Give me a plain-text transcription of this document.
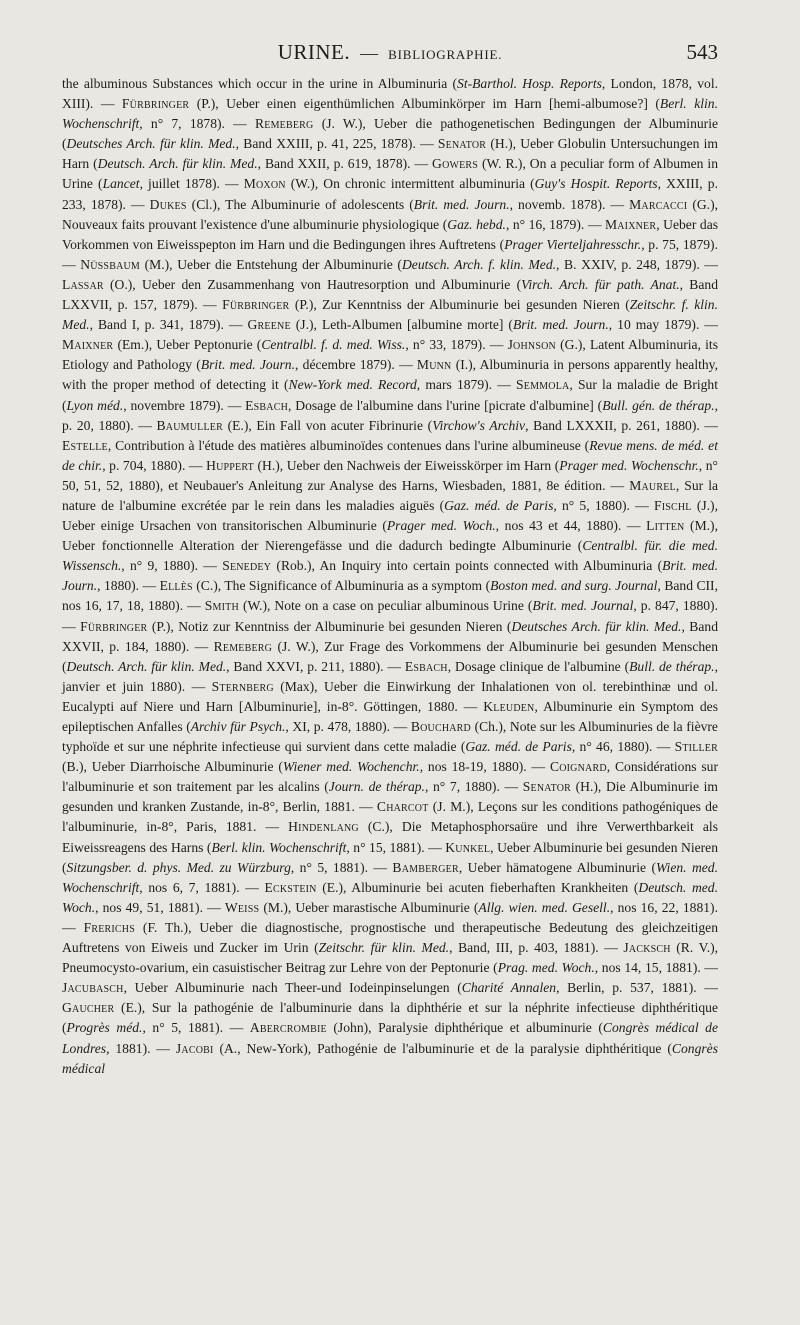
URINE. — BIBLIOGRAPHIE.	543

the albuminous Substances which occur in the urine in Albuminuria (St-Barthol. Hosp. Reports, London, 1878, vol. XIII). — Fürbringer (P.), Ueber einen eigenthümlichen Albuminkörper im Harn [hemi-albumose?] (Berl. klin. Wochenschrift, n° 7, 1878). — Remeberg (J. W.), Ueber die pathogenetischen Bedingungen der Albuminurie (Deutsches Arch. für klin. Med., Band XXIII, p. 41, 225, 1878). — Senator (H.), Ueber Globulin Untersuchungen im Harn (Deutsch. Arch. für klin. Med., Band XXII, p. 619, 1878). — Gowers (W. R.), On a peculiar form of Albumen in Urine (Lancet, juillet 1878). — Moxon (W.), On chronic intermittent albuminuria (Guy's Hospit. Reports, XXIII, p. 233, 1878). — Dukes (Cl.), The Albuminurie of adolescents (Brit. med. Journ., novemb. 1878). — Marcacci (G.), Nouveaux faits prouvant l'existence d'une albuminurie physiologique (Gaz. hebd., n° 16, 1879). — Maixner, Ueber das Vorkommen von Eiweisspepton im Harn und die Bedingungen ihres Auftretens (Prager Vierteljahresschr., p. 75, 1879). — Nüssbaum (M.), Ueber die Entstehung der Albuminurie (Deutsch. Arch. f. klin. Med., B. XXIV, p. 248, 1879). — Lassar (O.), Ueber den Zusammenhang von Hautresorption und Albuminurie (Virch. Arch. für path. Anat., Band LXXVII, p. 157, 1879). — Fürbringer (P.), Zur Kenntniss der Albuminurie bei gesunden Nieren (Zeitschr. f. klin. Med., Band I, p. 341, 1879). — Greene (J.), Leth-Albumen [albumine morte] (Brit. med. Journ., 10 may 1879). — Maixner (Em.), Ueber Peptonurie (Centralbl. f. d. med. Wiss., n° 33, 1879). — Johnson (G.), Latent Albuminuria, its Etiology and Pathology (Brit. med. Journ., décembre 1879). — Munn (I.), Albuminuria in persons apparently healthy, with the proper method of detecting it (New-York med. Record, mars 1879). — Semmola, Sur la maladie de Bright (Lyon méd., novembre 1879). — Esbach, Dosage de l'albumine dans l'urine [picrate d'albumine] (Bull. gén. de thérap., p. 20, 1880). — Baumuller (E.), Ein Fall von acuter Fibrinurie (Virchow's Archiv, Band LXXXII, p. 261, 1880). — Estelle, Contribution à l'étude des matières albuminoïdes contenues dans l'urine albumineuse (Revue mens. de méd. et de chir., p. 704, 1880). — Huppert (H.), Ueber den Nachweis der Eiweisskörper im Harn (Prager med. Wochenschr., n° 50, 51, 52, 1880), et Neubauer's Anleitung zur Analyse des Harns, Wiesbaden, 1881, 8e édition. — Maurel, Sur la nature de l'albumine excrétée par le rein dans les maladies aiguës (Gaz. méd. de Paris, n° 5, 1880). — Fischl (J.), Ueber einige Ursachen von transitorischen Albuminurie (Prager med. Woch., nos 43 et 44, 1880). — Litten (M.), Ueber fonctionnelle Alteration der Nierengefässe und die dadurch bedingte Albuminurie (Centralbl. für. die med. Wissensch., n° 9, 1880). — Senedey (Rob.), An Inquiry into certain points connected with Albuminuria (Brit. med. Journ., 1880). — Ellès (C.), The Significance of Albuminuria as a symptom (Boston med. and surg. Journal, Band CII, nos 16, 17, 18, 1880). — Smith (W.), Note on a case on peculiar albuminous Urine (Brit. med. Journal, p. 847, 1880). — Fürbringer (P.), Notiz zur Kenntniss der Albuminurie bei gesunden Nieren (Deutsches Arch. für klin. Med., Band XXVII, p. 184, 1880). — Remeberg (J. W.), Zur Frage des Vorkommens der Albuminurie bei gesunden Menschen (Deutsch. Arch. für klin. Med., Band XXVI, p. 211, 1880). — Esbach, Dosage clinique de l'albumine (Bull. de thérap., janvier et juin 1880). — Sternberg (Max), Ueber die Einwirkung der Inhalationen von ol. terebinthinæ und ol. Eucalypti auf Niere und Harn [Albuminurie], in-8°. Göttingen, 1880. — Kleuden, Albuminurie ein Symptom des epileptischen Anfalles (Archiv für Psych., XI, p. 478, 1880). — Bouchard (Ch.), Note sur les Albuminuries de la fièvre typhoïde et sur une néphrite infectieuse qui survient dans cette maladie (Gaz. méd. de Paris, n° 46, 1880). — Stiller (B.), Ueber Diarrhoische Albuminurie (Wiener med. Wochenchr., nos 18-19, 1880). — Coignard, Considérations sur l'albuminurie et son traitement par les alcalins (Journ. de thérap., n° 7, 1880). — Senator (H.), Die Albuminurie im gesunden und kranken Zustande, in-8°, Berlin, 1881. — Charcot (J. M.), Leçons sur les conditions pathogéniques de l'albuminurie, in-8°, Paris, 1881. — Hindenlang (C.), Die Metaphosphorsaüre und ihre Verwerthbarkeit als Eiweissreagens des Harns (Berl. klin. Wochenschrift, n° 15, 1881). — Kunkel, Ueber Albuminurie bei gesunden Nieren (Sitzungsber. d. phys. Med. zu Würzburg, n° 5, 1881). — Bamberger, Ueber hämatogene Albuminurie (Wien. med. Wochenschrift, nos 6, 7, 1881). — Eckstein (E.), Albuminurie bei acuten fieberhaften Krankheiten (Deutsch. med. Woch., nos 49, 51, 1881). — Weiss (M.), Ueber marastische Albuminurie (Allg. wien. med. Gesell., nos 16, 22, 1881). — Frerichs (F. Th.), Ueber die diagnostische, prognostische und therapeutische Bedeutung des gleichzeitigen Auftretens von Eiweis und Zucker im Urin (Zeitschr. für klin. Med., Band, III, p. 403, 1881). — Jacksch (R. V.), Pneumocysto-ovarium, ein casuistischer Beitrag zur Lehre von der Peptonurie (Prag. med. Woch., nos 14, 15, 1881). — Jacubasch, Ueber Albuminurie nach Theer-und Iodeinpinselungen (Charité Annalen, Berlin, p. 537, 1881). — Gaucher (E.), Sur la pathogénie de l'albuminurie dans la diphthérie et sur la néphrite infectieuse diphthéritique (Progrès méd., n° 5, 1881). — Abercrombie (John), Paralysie diphthérique et albuminurie (Congrès médical de Londres, 1881). — Jacobi (A., New-York), Pathogénie de l'albuminurie et de la paralysie diphthéritique (Congrès médical
